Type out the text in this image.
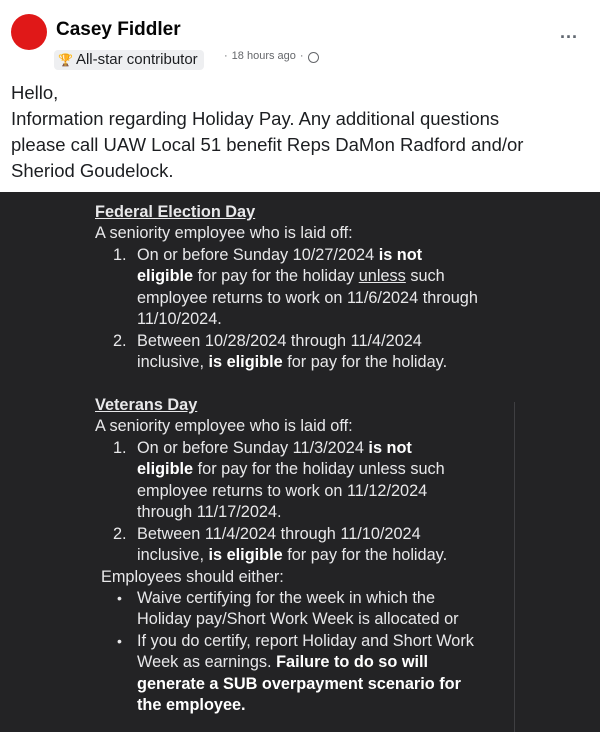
Casey Fiddler
🏆 All-star contributor · 18 hours ago ·
...

Hello,

Information regarding Holiday Pay. Any additional questions

please call UAW Local 51 benefit Reps DaMon Radford and/or

Sheriod Goudelock.

Federal Election Day
A seniority employee who is laid off:
1. On or before Sunday 10/27/2024 is not
eligible for pay for the holiday unless such
employee returns to work on 11/6/2024 through
11/10/2024.
2. Between 10/28/2024 through 11/4/2024
inclusive, is eligible for pay for the holiday.
Veterans Day
A seniority employee who is laid off:
1. On or before Sunday 11/3/2024 is not
eligible for pay for the holiday unless such
employee returns to work on 11/12/2024
through 11/17/2024.
2. Between 11/4/2024 through 11/10/2024
inclusive, is eligible for pay for the holiday.
Employees should either:
• Waive certifying for the week in which the
Holiday pay/Short Work Week is allocated or
• If you do certify, report Holiday and Short Work
Week as earnings. Failure to do so will
generate a SUB overpayment scenario for
the employee.
